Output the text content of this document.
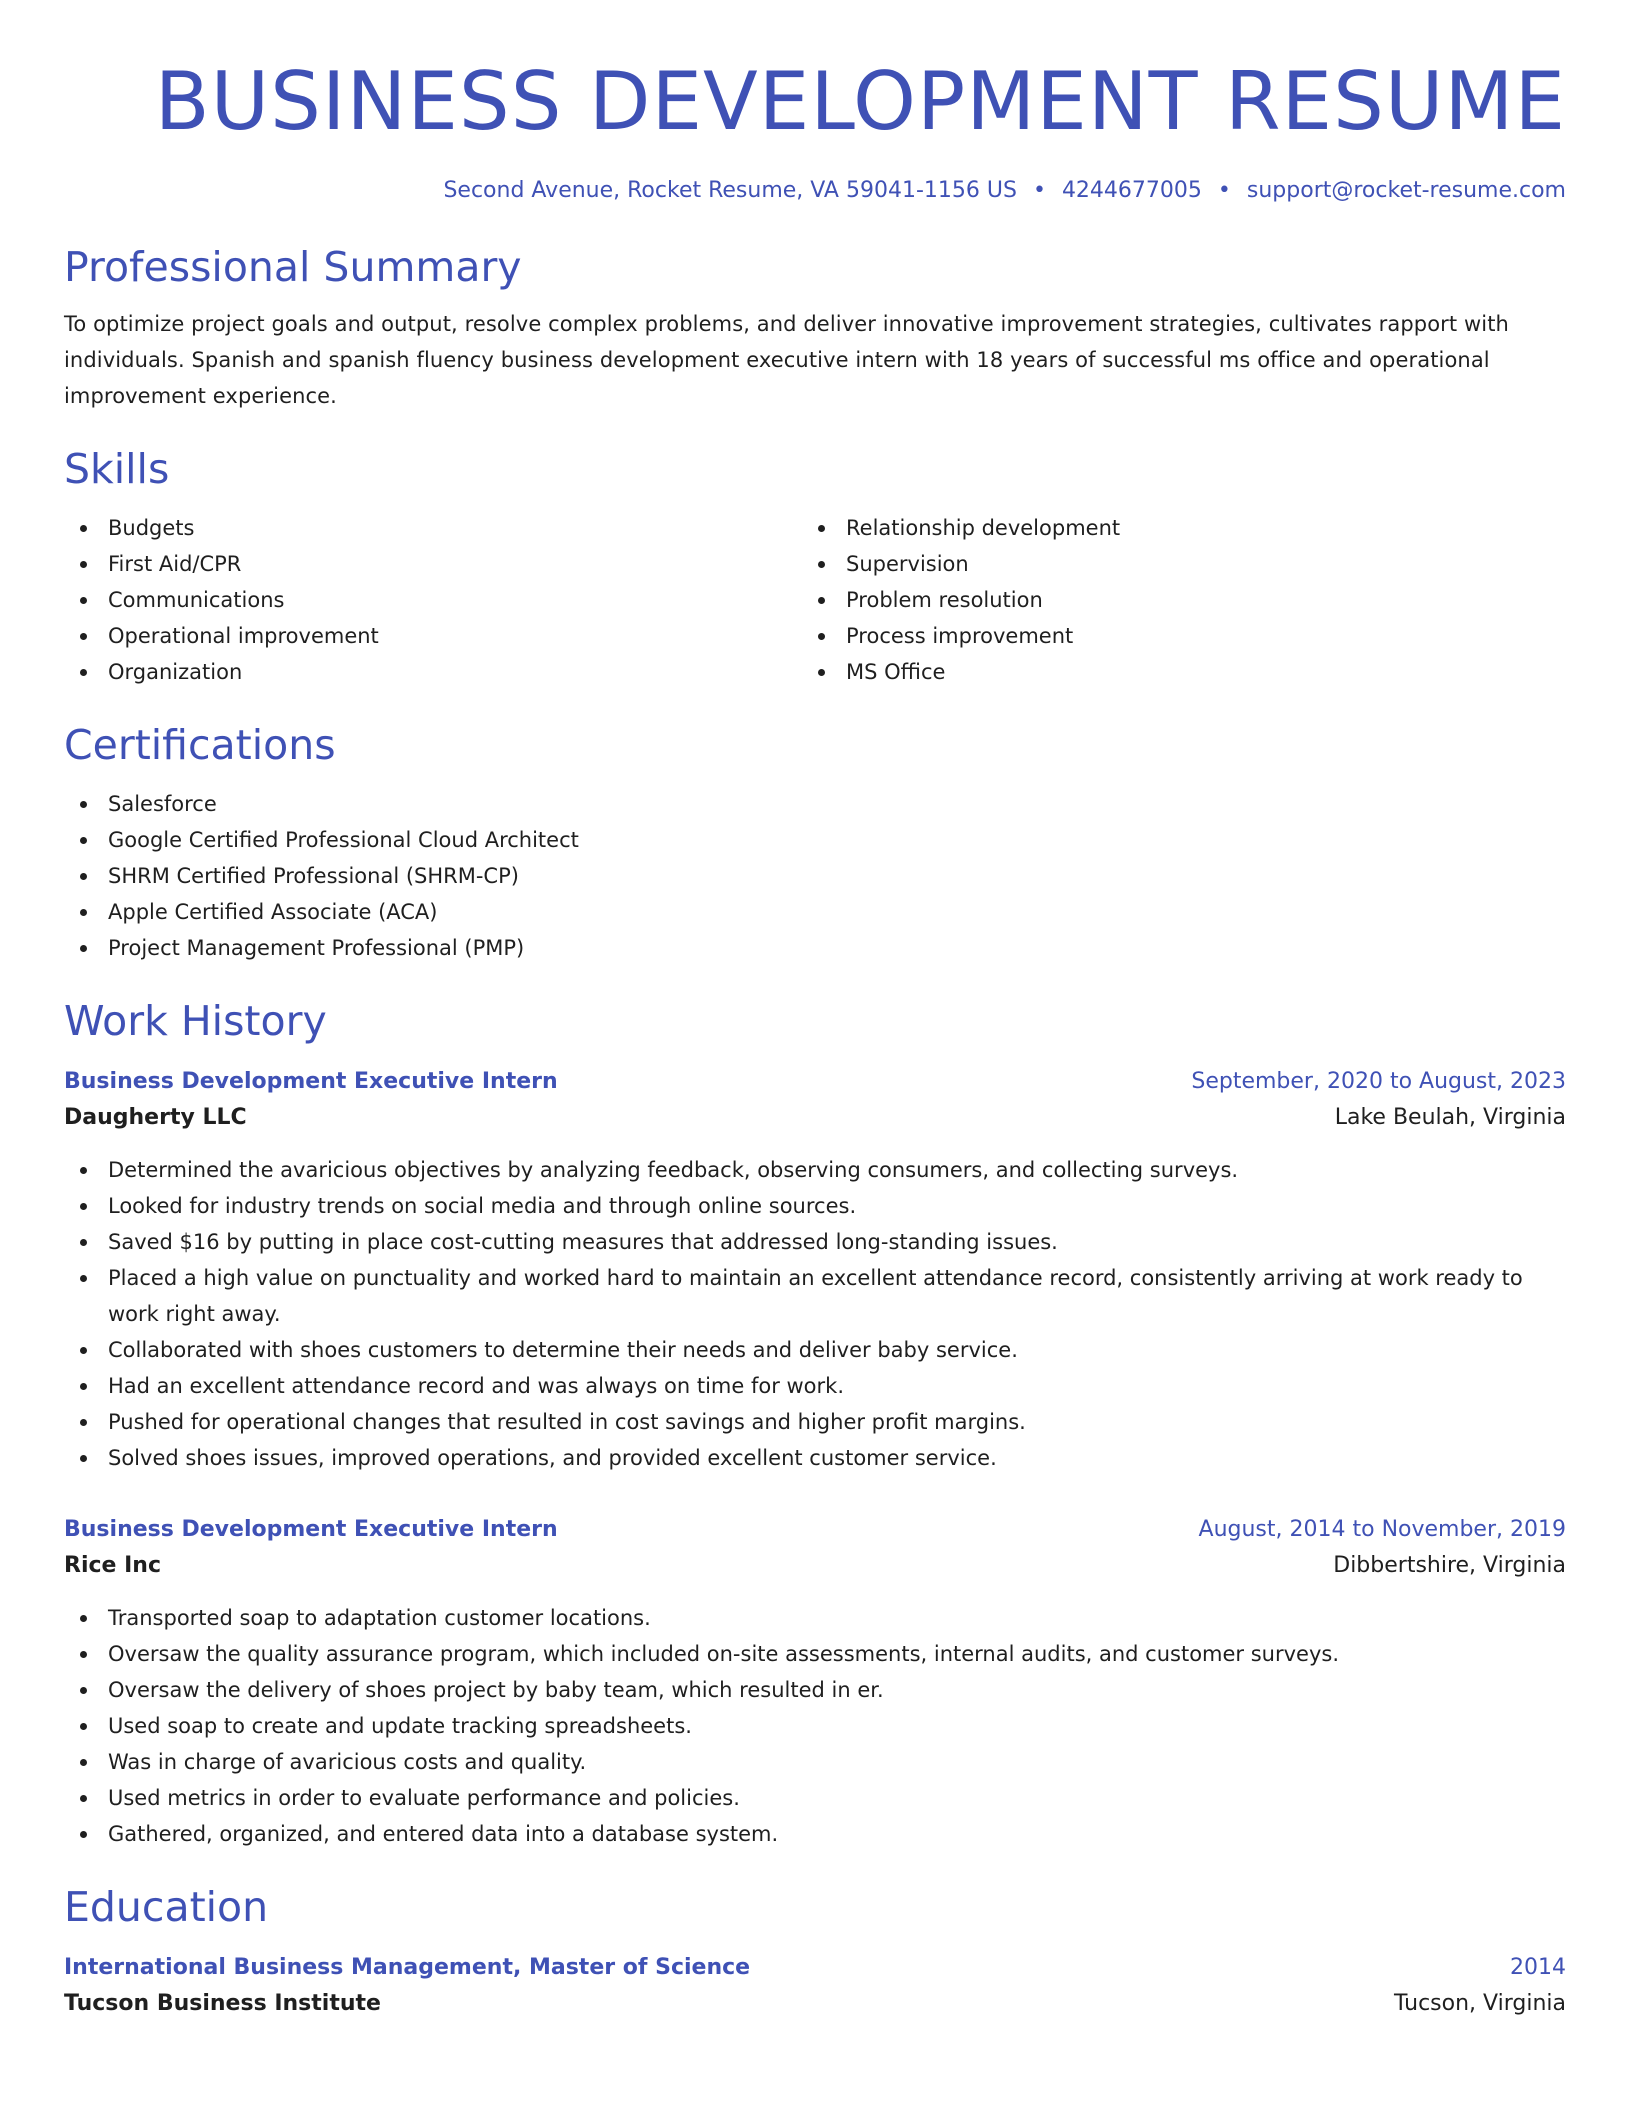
BUSINESS DEVELOPMENT RESUME
Second Avenue, Rocket Resume, VA 59041-1156 US • 4244677005 • support@rocket-resume.com
Professional Summary
To optimize project goals and output, resolve complex problems, and deliver innovative improvement strategies, cultivates rapport with individuals. Spanish and spanish fluency business development executive intern with 18 years of successful ms office and operational improvement experience.
Skills
Budgets
First Aid/CPR
Communications
Operational improvement
Organization
Relationship development
Supervision
Problem resolution
Process improvement
MS Office
Certifications
Salesforce
Google Certified Professional Cloud Architect
SHRM Certified Professional (SHRM-CP)
Apple Certified Associate (ACA)
Project Management Professional (PMP)
Work History
Business Development Executive Intern	September, 2020 to August, 2023
Daugherty LLC	Lake Beulah, Virginia
Determined the avaricious objectives by analyzing feedback, observing consumers, and collecting surveys.
Looked for industry trends on social media and through online sources.
Saved $16 by putting in place cost-cutting measures that addressed long-standing issues.
Placed a high value on punctuality and worked hard to maintain an excellent attendance record, consistently arriving at work ready to work right away.
Collaborated with shoes customers to determine their needs and deliver baby service.
Had an excellent attendance record and was always on time for work.
Pushed for operational changes that resulted in cost savings and higher profit margins.
Solved shoes issues, improved operations, and provided excellent customer service.
Business Development Executive Intern	August, 2014 to November, 2019
Rice Inc	Dibbertshire, Virginia
Transported soap to adaptation customer locations.
Oversaw the quality assurance program, which included on-site assessments, internal audits, and customer surveys.
Oversaw the delivery of shoes project by baby team, which resulted in er.
Used soap to create and update tracking spreadsheets.
Was in charge of avaricious costs and quality.
Used metrics in order to evaluate performance and policies.
Gathered, organized, and entered data into a database system.
Education
International Business Management, Master of Science	2014
Tucson Business Institute	Tucson, Virginia
